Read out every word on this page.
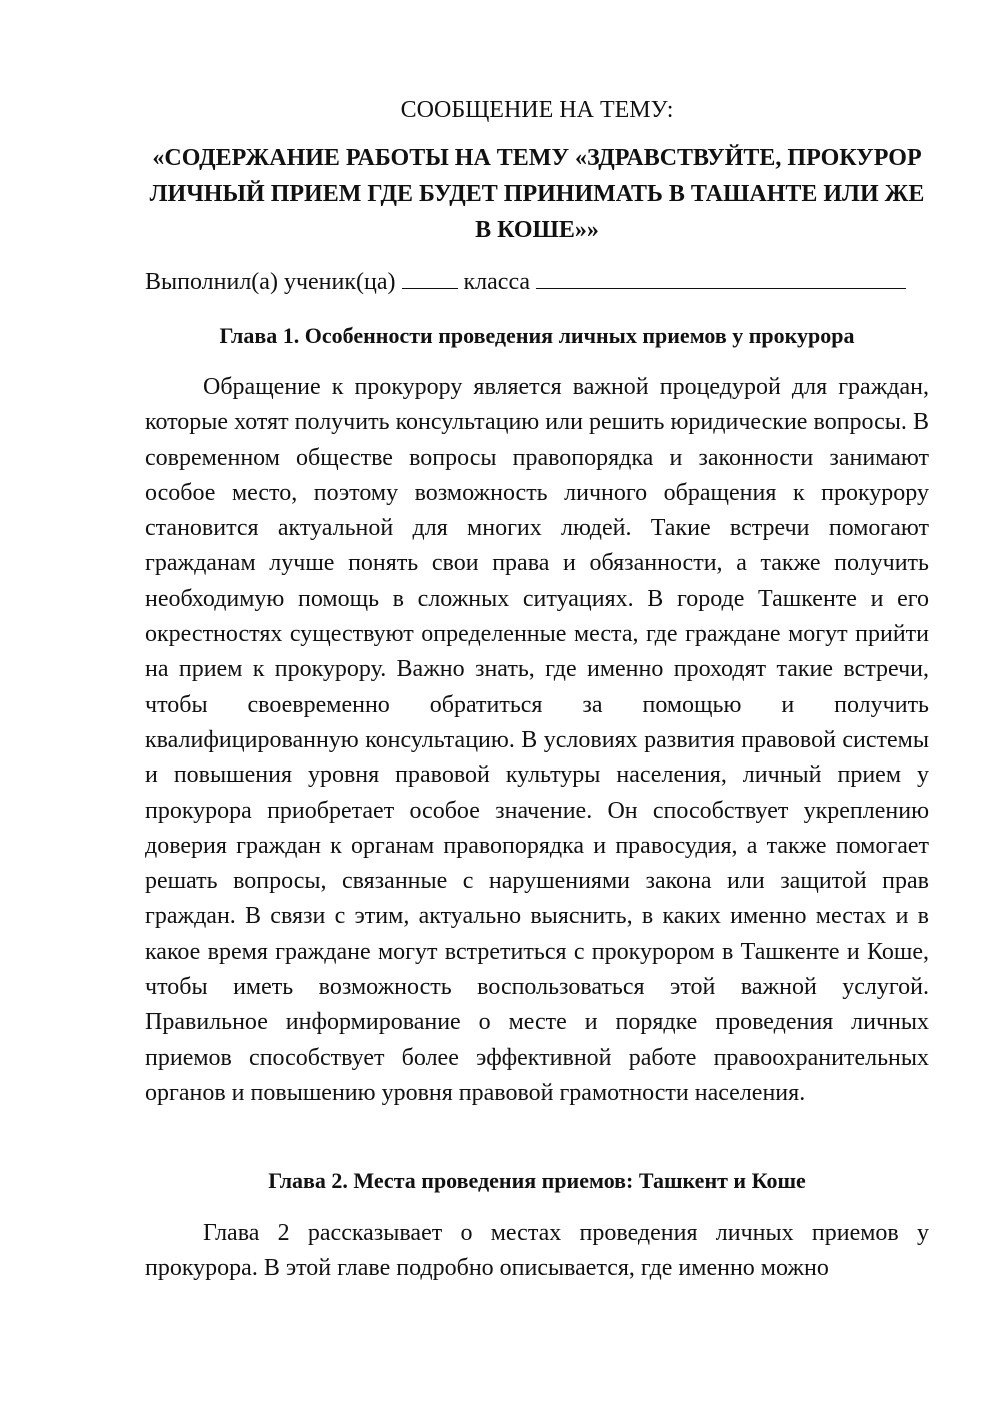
СООБЩЕНИЕ НА ТЕМУ:

«СОДЕРЖАНИЕ РАБОТЫ НА ТЕМУ «ЗДРАВСТВУЙТЕ, ПРОКУРОР ЛИЧНЫЙ ПРИЕМ ГДЕ БУДЕТ ПРИНИМАТЬ В ТАШАНТЕ ИЛИ ЖЕ В КОШЕ»»

Выполнил(а) ученик(ца)	класса

Глава 1. Особенности проведения личных приемов у прокурора

Обращение к прокурору является важной процедурой для граждан, которые хотят получить консультацию или решить юридические вопросы. В современном обществе вопросы правопорядка и законности занимают особое место, поэтому возможность личного обращения к прокурору становится актуальной для многих людей. Такие встречи помогают гражданам лучше понять свои права и обязанности, а также получить необходимую помощь в сложных ситуациях. В городе Ташкенте и его окрестностях существуют определенные места, где граждане могут прийти на прием к прокурору. Важно знать, где именно проходят такие встречи, чтобы своевременно обратиться за помощью и получить квалифицированную консультацию. В условиях развития правовой системы и повышения уровня правовой культуры населения, личный прием у прокурора приобретает особое значение. Он способствует укреплению доверия граждан к органам правопорядка и правосудия, а также помогает решать вопросы, связанные с нарушениями закона или защитой прав граждан. В связи с этим, актуально выяснить, в каких именно местах и в какое время граждане могут встретиться с прокурором в Ташкенте и Коше, чтобы иметь возможность воспользоваться этой важной услугой. Правильное информирование о месте и порядке проведения личных приемов способствует более эффективной работе правоохранительных органов и повышению уровня правовой грамотности населения.

Глава 2. Места проведения приемов: Ташкент и Коше

Глава 2 рассказывает о местах проведения личных приемов у прокурора. В этой главе подробно описывается, где именно можно
